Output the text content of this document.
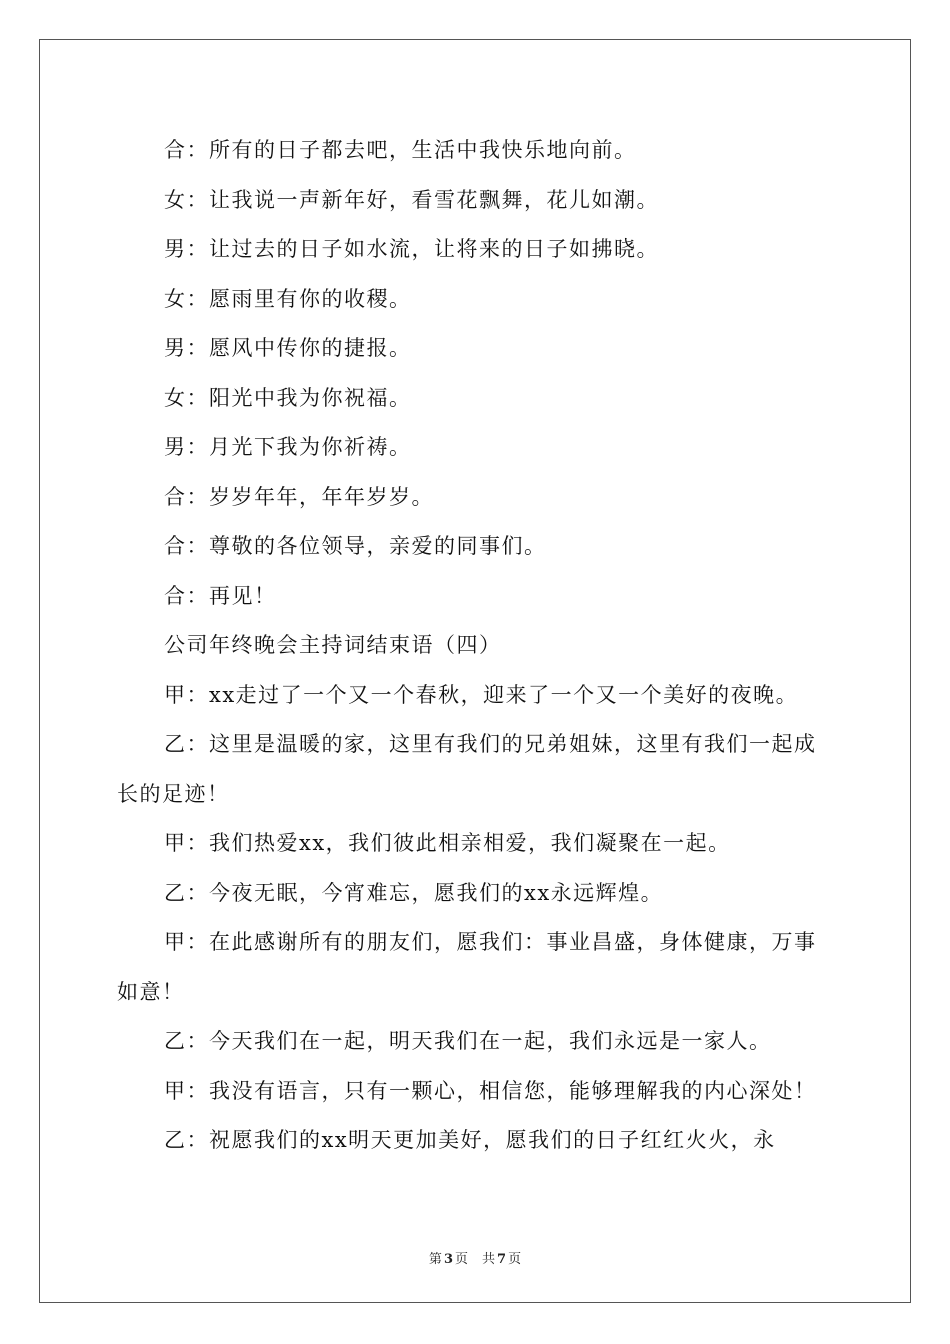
合：所有的日子都去吧，生活中我快乐地向前。

女：让我说一声新年好，看雪花飘舞，花儿如潮。

男：让过去的日子如水流，让将来的日子如拂晓。

女：愿雨里有你的收稷。

男：愿风中传你的捷报。

女：阳光中我为你祝福。

男：月光下我为你祈祷。

合：岁岁年年，年年岁岁。

合：尊敬的各位领导，亲爱的同事们。

合：再见！

公司年终晚会主持词结束语（四）

甲：xx走过了一个又一个春秋，迎来了一个又一个美好的夜晚。

乙：这里是温暖的家，这里有我们的兄弟姐妹，这里有我们一起成长的足迹！

甲：我们热爱xx，我们彼此相亲相爱，我们凝聚在一起。

乙：今夜无眠，今宵难忘，愿我们的xx永远辉煌。

甲：在此感谢所有的朋友们，愿我们：事业昌盛，身体健康，万事如意！

乙：今天我们在一起，明天我们在一起，我们永远是一家人。

甲：我没有语言，只有一颗心，相信您，能够理解我的内心深处！

乙：祝愿我们的xx明天更加美好，愿我们的日子红红火火，永

第 3 页 共 7 页
